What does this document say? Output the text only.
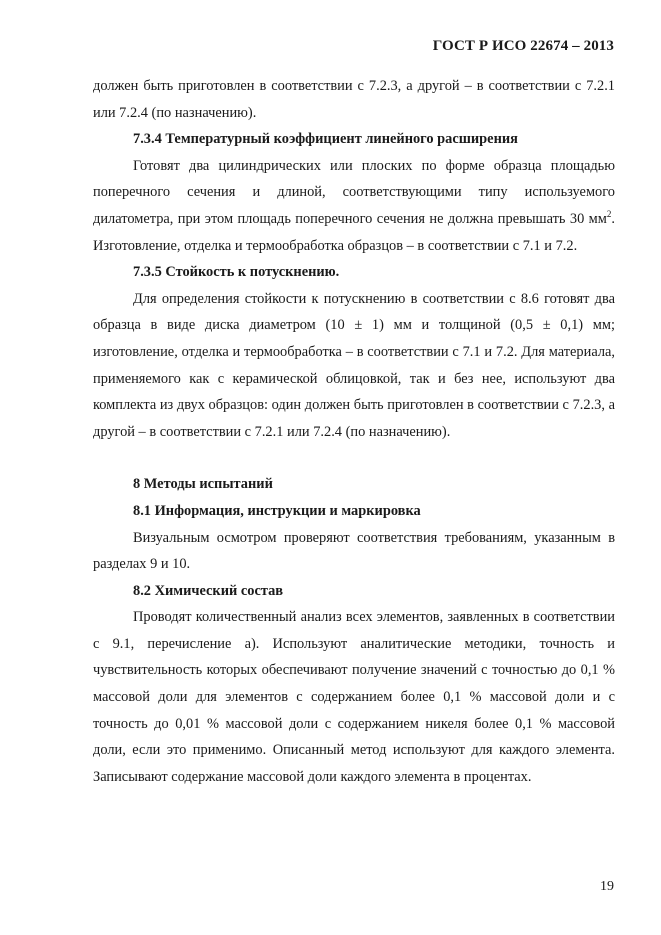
ГОСТ Р ИСО 22674 – 2013

должен быть приготовлен в соответствии с 7.2.3, а другой – в соответствии с 7.2.1 или 7.2.4 (по назначению).

7.3.4 Температурный коэффициент линейного расширения

Готовят два цилиндрических или плоских по форме образца площадью поперечного сечения и длиной, соответствующими типу используемого дилатометра, при этом площадь поперечного сечения не должна превышать 30 $мм^2$. Изготовление, отделка и термообработка образцов – в соответствии с 7.1 и 7.2.

7.3.5 Стойкость к потускнению.

Для определения стойкости к потускнению в соответствии с 8.6 готовят два образца в виде диска диаметром (10 ± 1) мм и толщиной (0,5 ± 0,1) мм; изготовление, отделка и термообработка – в соответствии с 7.1 и 7.2. Для материала, применяемого как с керамической облицовкой, так и без нее, используют два комплекта из двух образцов: один должен быть приготовлен в соответствии с 7.2.3, а другой – в соответствии с 7.2.1 или 7.2.4 (по назначению).

8 Методы испытаний

8.1 Информация, инструкции и маркировка

Визуальным осмотром проверяют соответствия требованиям, указанным в разделах 9 и 10.

8.2 Химический состав

Проводят количественный анализ всех элементов, заявленных в соответствии с 9.1, перечисление а). Используют аналитические методики, точность и чувствительность которых обеспечивают получение значений с точностью до 0,1 % массовой доли для элементов с содержанием более 0,1 % массовой доли и с точность до 0,01 % массовой доли с содержанием никеля более 0,1 % массовой доли, если это применимо. Описанный метод используют для каждого элемента. Записывают содержание массовой доли каждого элемента в процентах.

19
